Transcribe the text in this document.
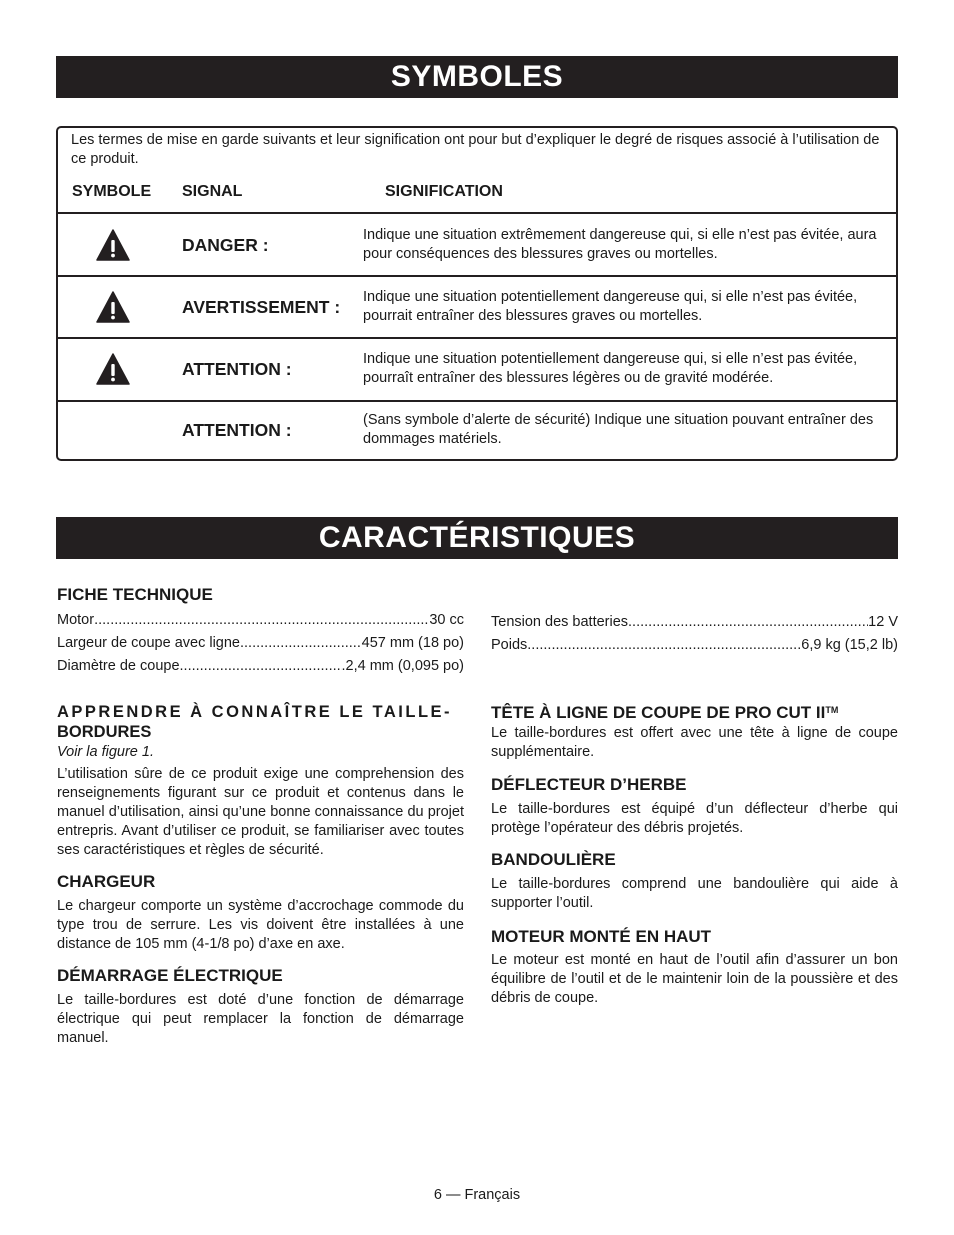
SYMBOLES
Les termes de mise en garde suivants et leur signification ont pour but d’expliquer le degré de risques associé à l’utilisation de ce produit.
SYMBOLE SIGNAL	SIGNIFICATION
DANGER :	Indique une situation extrêmement dangereuse qui, si elle n’est pas évitée, aura pour conséquences des blessures graves ou mortelles.
AVERTISSEMENT : Indique une situation potentiellement dangereuse qui, si elle n’est pas évitée, pourrait entraîner des blessures graves ou mortelles.
ATTENTION :	Indique une situation potentiellement dangereuse qui, si elle n’est pas évitée, pourraît entraîner des blessures légères ou de gravité modérée.
ATTENTION :	(Sans symbole d’alerte de sécurité) Indique une situation pouvant entraîner des dommages matériels.
CARACTÉRISTIQUES
FICHE TECHNIQUE
Motor .....	30 cc
Largeur de coupe avec ligne .....	457 mm (18 po)
Diamètre de coupe .....	.2,4 mm (0,095 po)
Tension des batteries .....	12 V
Poids .....	6,9 kg (15,2 lb)
APPRENDRE À CONNAÎTRE LE TAILLE-
BORDURES
Voir la figure 1.
L’utilisation sûre de ce produit exige une comprehension des renseignements figurant sur ce produit et contenus dans le manuel d’utilisation, ainsi qu’une bonne connaissance du projet entrepris. Avant d’utiliser ce produit, se familiariser avec toutes ses caractéristiques et règles de sécurité.
CHARGEUR
Le chargeur comporte un système d’accrochage commode du type trou de serrure. Les vis doivent être installées à une distance de 105 mm (4-1/8 po) d’axe en axe.
DÉMARRAGE ÉLECTRIQUE
Le taille-bordures est doté d’une fonction de démarrage électrique qui peut remplacer la fonction de démarrage manuel.
TÊTE À LIGNE DE COUPE DE PRO CUT II™
Le taille-bordures est offert avec une tête à ligne de coupe supplémentaire.
DÉFLECTEUR D’HERBE
Le taille-bordures est équipé d’un déflecteur d’herbe qui protège l’opérateur des débris projetés.
BANDOULIÈRE
Le taille-bordures comprend une bandoulière qui aide à supporter l’outil.
MOTEUR MONTÉ EN HAUT
Le moteur est monté en haut de l’outil afin d’assurer un bon équilibre de l’outil et de le maintenir loin de la poussière et des débris de coupe.
6 — Français
